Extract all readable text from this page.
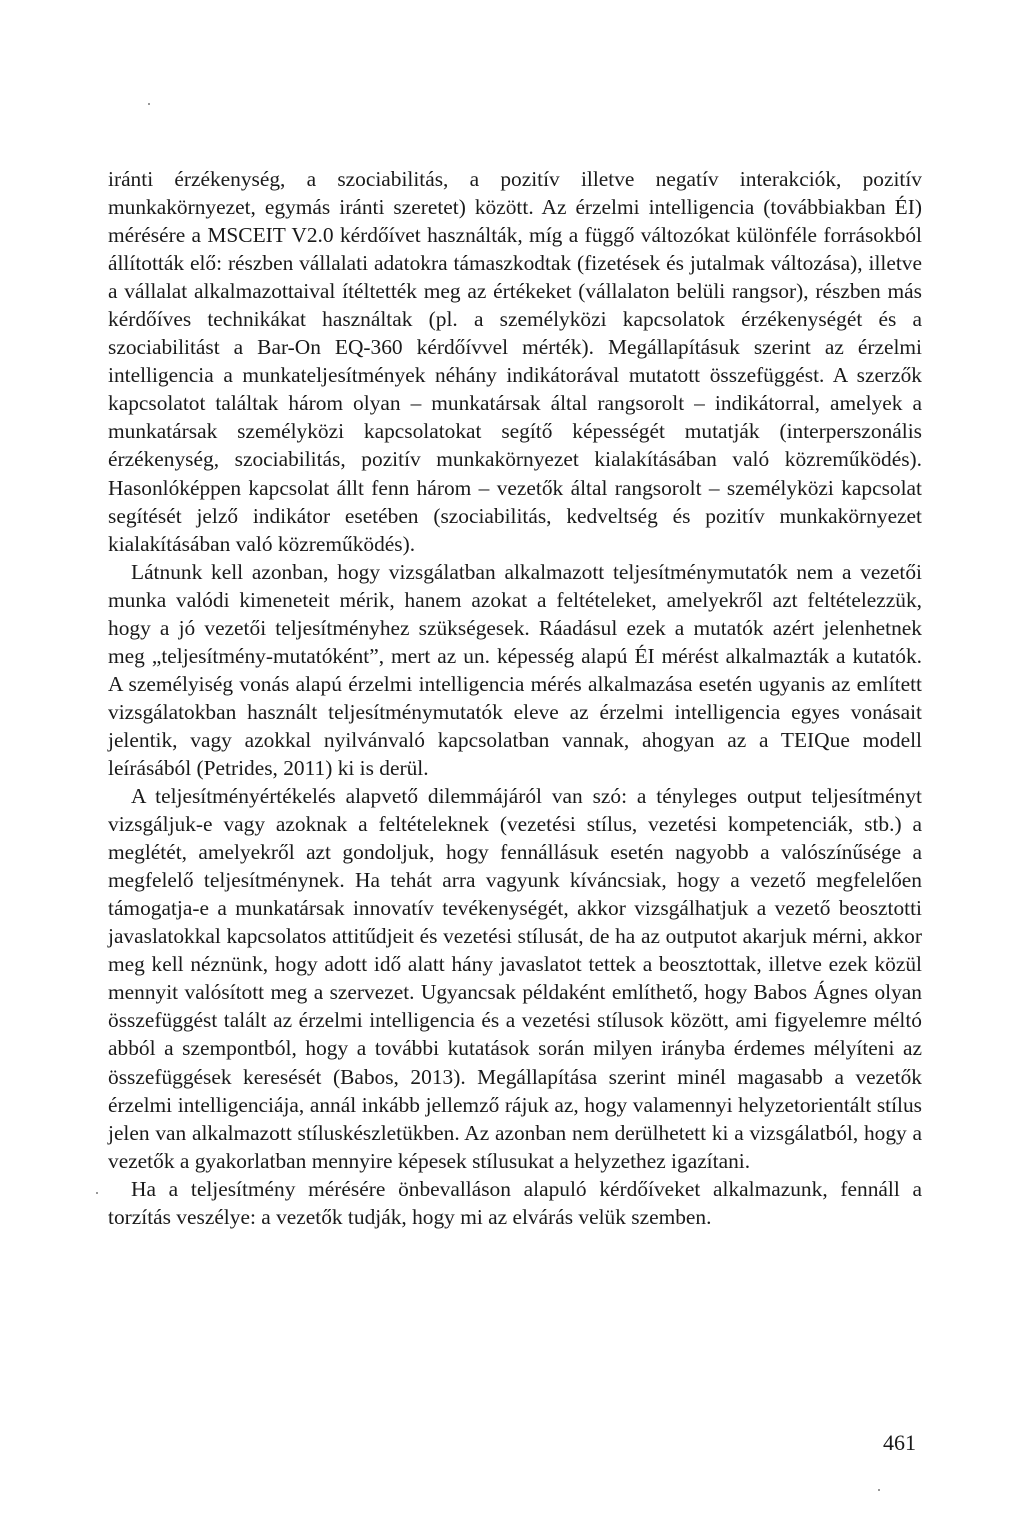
iránti érzékenység, a szociabilitás, a pozitív illetve negatív interakciók, pozitív munkakörnyezet, egymás iránti szeretet) között. Az érzelmi intelligencia (továbbiakban ÉI) mérésére a MSCEIT V2.0 kérdőívet használták, míg a függő változókat különféle forrásokból állították elő: részben vállalati adatokra támaszkodtak (fizetések és jutalmak változása), illetve a vállalat alkalmazottaival ítéltették meg az értékeket (vállalaton belüli rangsor), részben más kérdőíves technikákat használtak (pl. a személyközi kapcsolatok érzékenységét és a szociabilitást a Bar-On EQ-360 kérdőívvel mérték). Megállapításuk szerint az érzelmi intelligencia a munkateljesítmények néhány indikátorával mutatott összefüggést. A szerzők kapcsolatot találtak három olyan – munkatársak által rangsorolt – indikátorral, amelyek a munkatársak személyközi kapcsolatokat segítő képességét mutatják (interperszonális érzékenység, szociabilitás, pozitív munkakörnyezet kialakításában való közreműködés). Hasonlóképpen kapcsolat állt fenn három – vezetők által rangsorolt – személyközi kapcsolat segítését jelző indikátor esetében (szociabilitás, kedveltség és pozitív munkakörnyezet kialakításában való közreműködés).

Látnunk kell azonban, hogy vizsgálatban alkalmazott teljesítménymutatók nem a vezetői munka valódi kimeneteit mérik, hanem azokat a feltételeket, amelyekről azt feltételezzük, hogy a jó vezetői teljesítményhez szükségesek. Ráadásul ezek a mutatók azért jelenhetnek meg „teljesítmény-mutatóként”, mert az un. képesség alapú ÉI mérést alkalmazták a kutatók. A személyiség vonás alapú érzelmi intelligencia mérés alkalmazása esetén ugyanis az említett vizsgálatokban használt teljesítménymutatók eleve az érzelmi intelligencia egyes vonásait jelentik, vagy azokkal nyilvánvaló kapcsolatban vannak, ahogyan az a TEIQue modell leírásából (Petrides, 2011) ki is derül.

A teljesítményértékelés alapvető dilemmájáról van szó: a tényleges output teljesítményt vizsgáljuk-e vagy azoknak a feltételeknek (vezetési stílus, vezetési kompetenciák, stb.) a meglétét, amelyekről azt gondoljuk, hogy fennállásuk esetén nagyobb a valószínűsége a megfelelő teljesítménynek. Ha tehát arra vagyunk kíváncsiak, hogy a vezető megfelelően támogatja-e a munkatársak innovatív tevékenységét, akkor vizsgálhatjuk a vezető beosztotti javaslatokkal kapcsolatos attitűdjeit és vezetési stílusát, de ha az outputot akarjuk mérni, akkor meg kell néznünk, hogy adott idő alatt hány javaslatot tettek a beosztottak, illetve ezek közül mennyit valósított meg a szervezet. Ugyancsak példaként említhető, hogy Babos Ágnes olyan összefüggést talált az érzelmi intelligencia és a vezetési stílusok között, ami figyelemre méltó abból a szempontból, hogy a további kutatások során milyen irányba érdemes mélyíteni az összefüggések keresését (Babos, 2013). Megállapítása szerint minél magasabb a vezetők érzelmi intelligenciája, annál inkább jellemző rájuk az, hogy valamennyi helyzetorientált stílus jelen van alkalmazott stíluskészletükben. Az azonban nem derülhetett ki a vizsgálatból, hogy a vezetők a gyakorlatban mennyire képesek stílusukat a helyzethez igazítani.

Ha a teljesítmény mérésére önbevalláson alapuló kérdőíveket alkalmazunk, fennáll a torzítás veszélye: a vezetők tudják, hogy mi az elvárás velük szemben.

461
